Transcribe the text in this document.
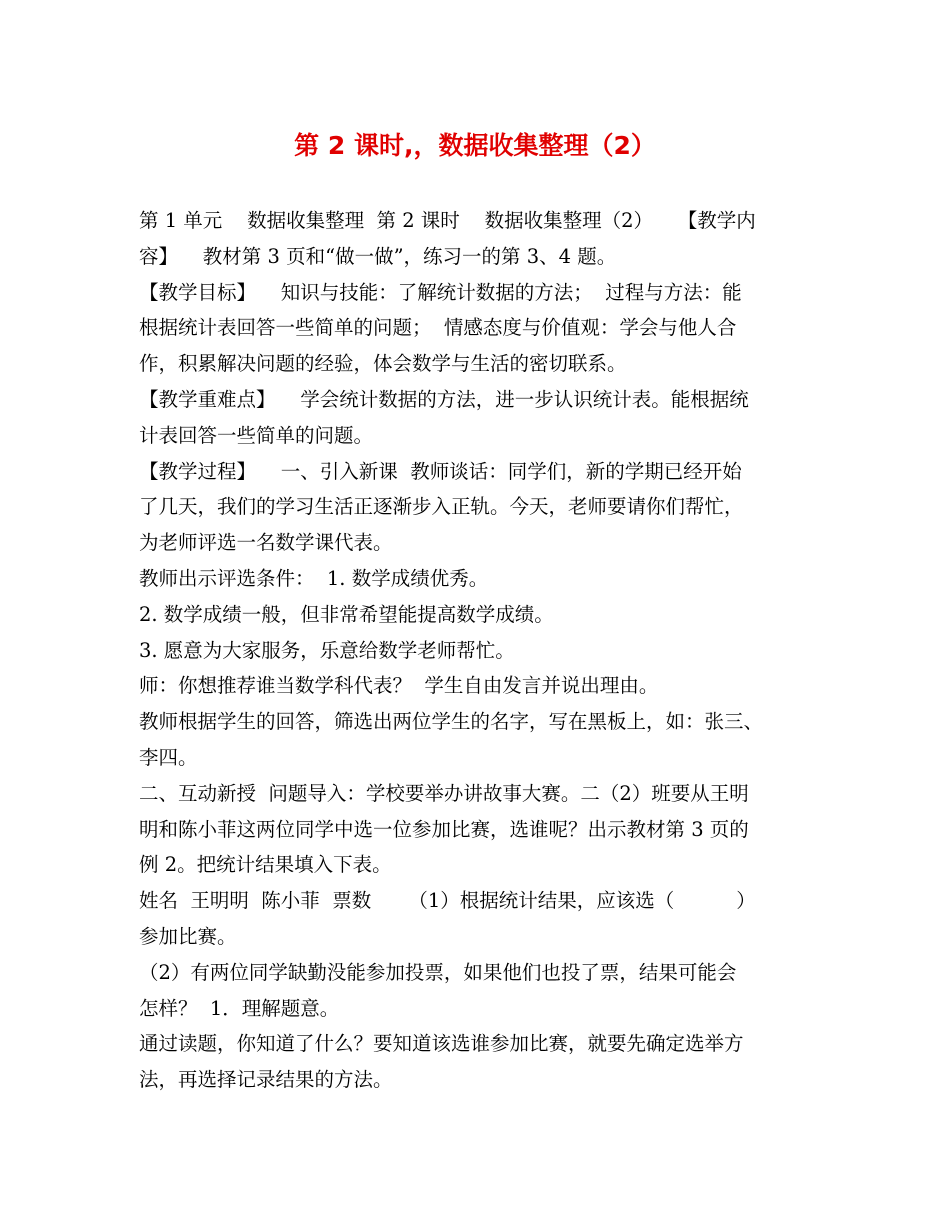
第 2 课时,，数据收集整理（2）
第 1 单元    数据收集整理  第 2 课时    数据收集整理（2）    【教学内
容】    教材第 3 页和“做一做”，练习一的第 3、4 题。
【教学目标】    知识与技能：了解统计数据的方法；  过程与方法：能
根据统计表回答一些简单的问题；  情感态度与价值观：学会与他人合
作，积累解决问题的经验，体会数学与生活的密切联系。
【教学重难点】    学会统计数据的方法，进一步认识统计表。能根据统
计表回答一些简单的问题。
【教学过程】    一、引入新课  教师谈话：同学们，新的学期已经开始
了几天，我们的学习生活正逐渐步入正轨。今天，老师要请你们帮忙，
为老师评选一名数学课代表。
教师出示评选条件：  1. 数学成绩优秀。
2. 数学成绩一般，但非常希望能提高数学成绩。
3. 愿意为大家服务，乐意给数学老师帮忙。
师：你想推荐谁当数学科代表？  学生自由发言并说出理由。
教师根据学生的回答，筛选出两位学生的名字，写在黑板上，如：张三、
李四。
二、互动新授  问题导入：学校要举办讲故事大赛。二（2）班要从王明
明和陈小菲这两位同学中选一位参加比赛，选谁呢？出示教材第 3 页的
例 2。把统计结果填入下表。
姓名  王明明  陈小菲  票数      （1）根据统计结果，应该选（          ）
参加比赛。
（2）有两位同学缺勤没能参加投票，如果他们也投了票，结果可能会
怎样？  1．理解题意。
通过读题，你知道了什么？要知道该选谁参加比赛，就要先确定选举方
法，再选择记录结果的方法。
